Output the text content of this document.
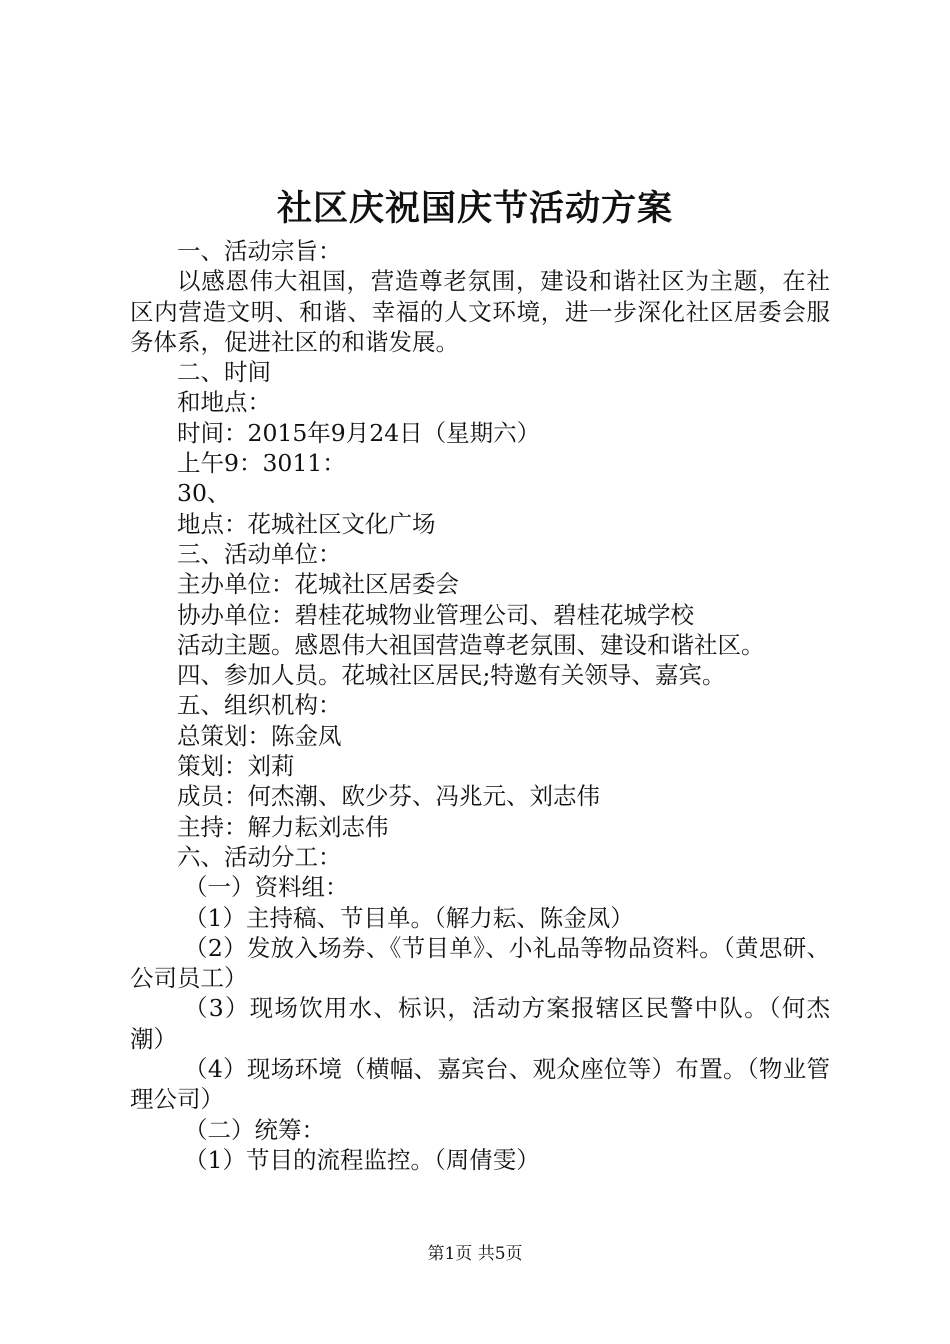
社区庆祝国庆节活动方案

一、活动宗旨：

以感恩伟大祖国，营造尊老氛围，建设和谐社区为主题，在社区内营造文明、和谐、幸福的人文环境，进一步深化社区居委会服务体系，促进社区的和谐发展。

二、时间

和地点：

时间：2015年9月24日（星期六）

上午9：3011：

30、

地点：花城社区文化广场

三、活动单位：

主办单位：花城社区居委会

协办单位：碧桂花城物业管理公司、碧桂花城学校

活动主题。感恩伟大祖国营造尊老氛围、建设和谐社区。

四、参加人员。花城社区居民;特邀有关领导、嘉宾。

五、组织机构：

总策划：陈金凤

策划：刘莉

成员：何杰潮、欧少芬、冯兆元、刘志伟

主持：解力耘刘志伟

六、活动分工：

（一）资料组：

（1）主持稿、节目单。（解力耘、陈金凤）

（2）发放入场券、《节目单》、小礼品等物品资料。（黄思研、公司员工）

（3）现场饮用水、标识，活动方案报辖区民警中队。（何杰潮）

（4）现场环境（横幅、嘉宾台、观众座位等）布置。（物业管理公司）

（二）统筹：

（1）节目的流程监控。（周倩雯）

第1页 共5页
